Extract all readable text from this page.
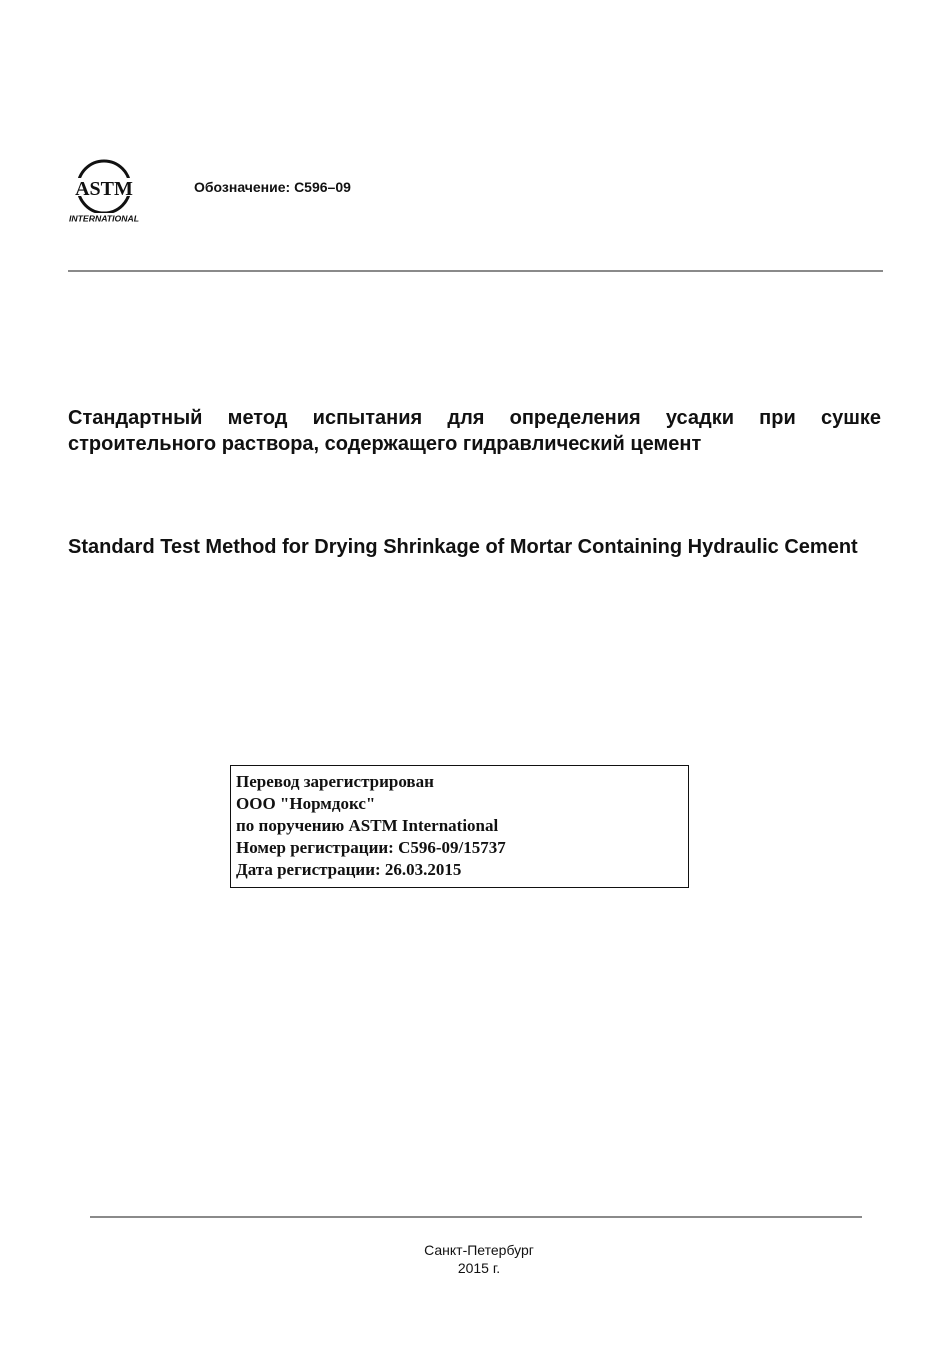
ASTM
INTERNATIONAL
Обозначение: C596–09

Стандартный метод испытания для определения усадки при сушке строительного раствора, содержащего гидравлический цемент

Standard Test Method for Drying Shrinkage of Mortar Containing Hydraulic Cement

Перевод зарегистрирован
ООО "Нормдокс"
по поручению ASTM International
Номер регистрации: C596-09/15737
Дата регистрации: 26.03.2015
Санкт-Петербург
2015 г.
